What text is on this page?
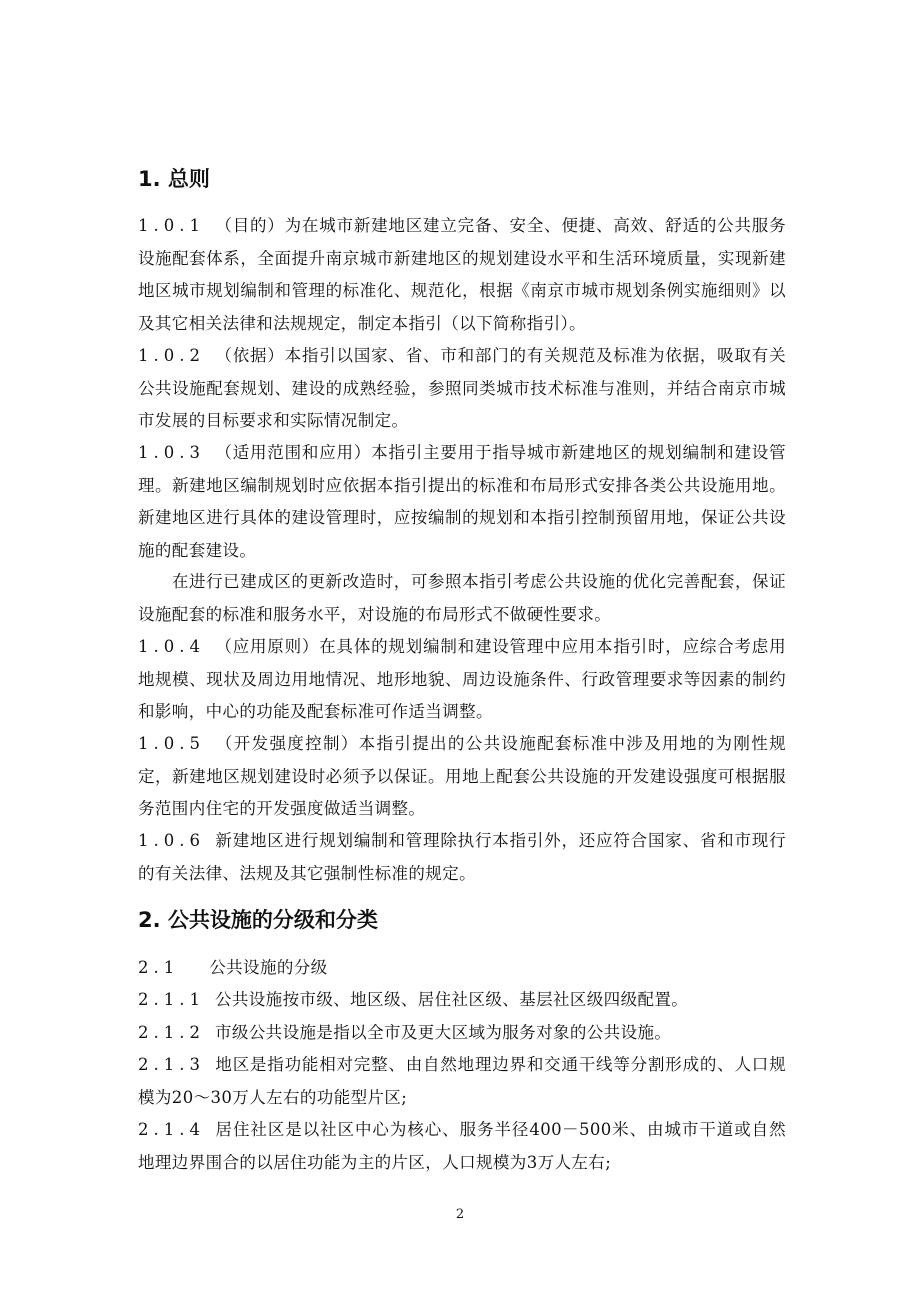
1. 总则

1.0.1 （目的）为在城市新建地区建立完备、安全、便捷、高效、舒适的公共服务设施配套体系，全面提升南京城市新建地区的规划建设水平和生活环境质量，实现新建地区城市规划编制和管理的标准化、规范化，根据《南京市城市规划条例实施细则》以及其它相关法律和法规规定，制定本指引（以下简称指引）。

1.0.2 （依据）本指引以国家、省、市和部门的有关规范及标准为依据，吸取有关公共设施配套规划、建设的成熟经验，参照同类城市技术标准与准则，并结合南京市城市发展的目标要求和实际情况制定。

1.0.3 （适用范围和应用）本指引主要用于指导城市新建地区的规划编制和建设管理。新建地区编制规划时应依据本指引提出的标准和布局形式安排各类公共设施用地。新建地区进行具体的建设管理时，应按编制的规划和本指引控制预留用地，保证公共设施的配套建设。

在进行已建成区的更新改造时，可参照本指引考虑公共设施的优化完善配套，保证设施配套的标准和服务水平，对设施的布局形式不做硬性要求。

1.0.4 （应用原则）在具体的规划编制和建设管理中应用本指引时，应综合考虑用地规模、现状及周边用地情况、地形地貌、周边设施条件、行政管理要求等因素的制约和影响，中心的功能及配套标准可作适当调整。

1.0.5 （开发强度控制）本指引提出的公共设施配套标准中涉及用地的为刚性规定，新建地区规划建设时必须予以保证。用地上配套公共设施的开发建设强度可根据服务范围内住宅的开发强度做适当调整。

1.0.6 新建地区进行规划编制和管理除执行本指引外，还应符合国家、省和市现行的有关法律、法规及其它强制性标准的规定。

2. 公共设施的分级和分类

2.1 公共设施的分级

2.1.1 公共设施按市级、地区级、居住社区级、基层社区级四级配置。

2.1.2 市级公共设施是指以全市及更大区域为服务对象的公共设施。

2.1.3 地区是指功能相对完整、由自然地理边界和交通干线等分割形成的、人口规模为20～30万人左右的功能型片区;

2.1.4 居住社区是以社区中心为核心、服务半径400－500米、由城市干道或自然地理边界围合的以居住功能为主的片区，人口规模为3万人左右;

2
